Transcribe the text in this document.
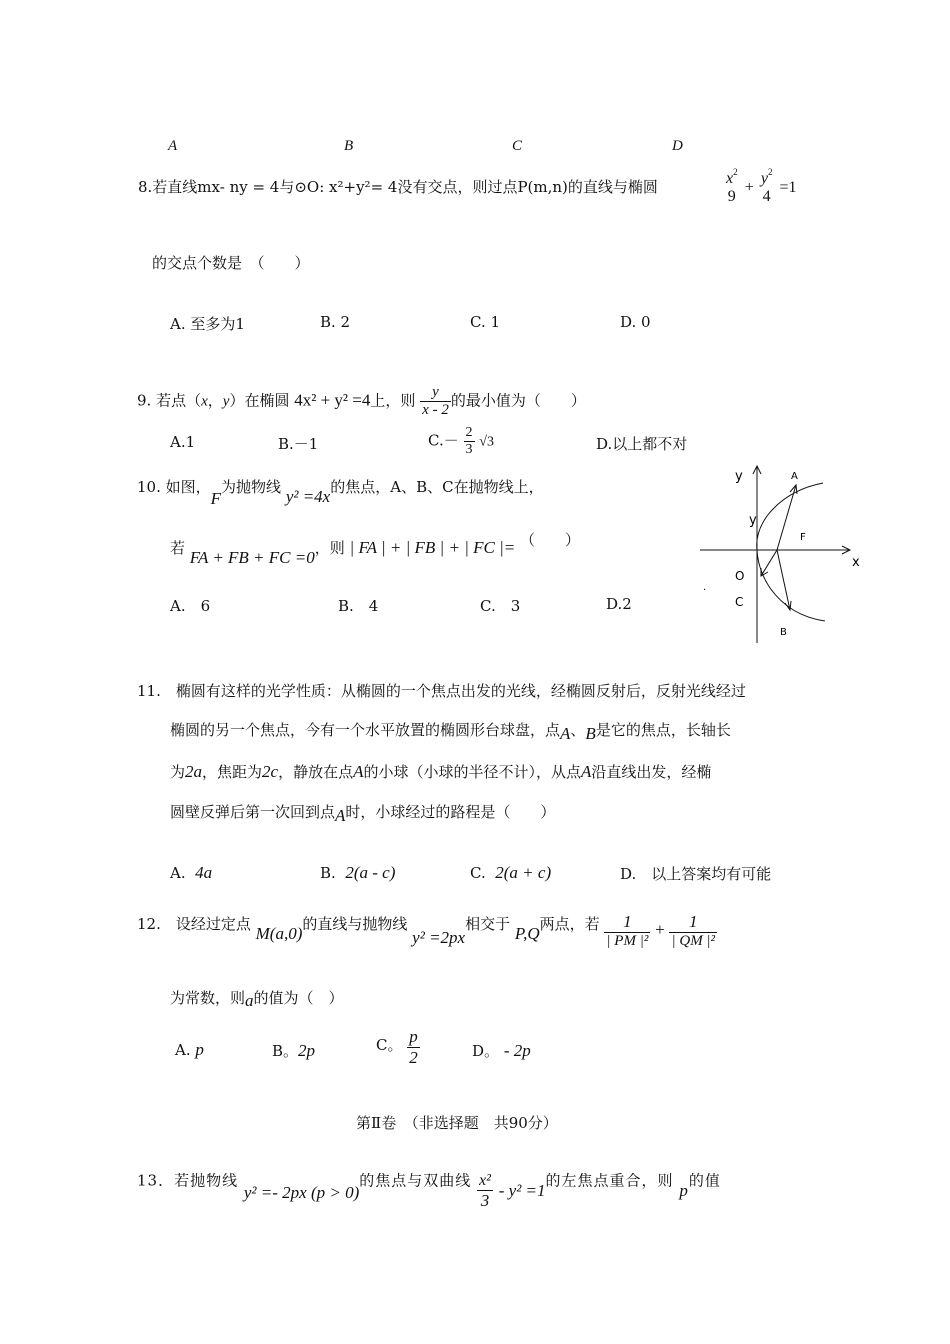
A	B	C	D
8.若直线mx- ny = 4与⊙O: x²+y²= 4没有交点，则过点P(m,n)的直线与椭圆	$x^2$
9
+
$y^2$
4
=1
的交点个数是　（　　）
A. 至多为1	B. 2	C. 1	D. 0
9. 若点（x，y）在椭圆 4x² + y² =4上，则 $\frac{y}{x - 2}$ 的最小值为（　　）
A.1	B.－1	$C.- \frac{2}{3} √3$	D.以上都不对
10. 如图，F为抛物线 y² =4x的焦点，A、B、C在抛物线上，
若 FA + FB + FC =0，则 | FA | + | FB | + | FC |= （　　）
A.　6	B.　4	C.　3	D.2
y
y
A
F
x
O
C
B
.
11.　椭圆有这样的光学性质：从椭圆的一个焦点出发的光线，经椭圆反射后，反射光线经过
椭圆的另一个焦点，今有一个水平放置的椭圆形台球盘，点A、B是它的焦点，长轴长
为2a，焦距为2c，静放在点A的小球（小球的半径不计），从点A沿直线出发，经椭
圆壁反弹后第一次回到点A时，小球经过的路程是（　　）
A. 4a	B. 2(a - c)	C. 2(a + c)	D.　以上答案均有可能
12.　设经过定点 M(a,0)的直线与抛物线 y² =2px相交于 P,Q两点，若 $\frac{1}{\text{| PM |²}} + \frac{1}{\text{| QM |²}}$
为常数，则a的值为（　）
A. p	B。2p	C。 $\frac{p}{2}$	D。 - 2p
第Ⅱ卷　（非选择题　共90分）
13．若抛物线 y² =- 2px (p > 0)的焦点与双曲线 $\frac{\text{x²}}{3} - y^2 =1$的左焦点重合，则 p的值
